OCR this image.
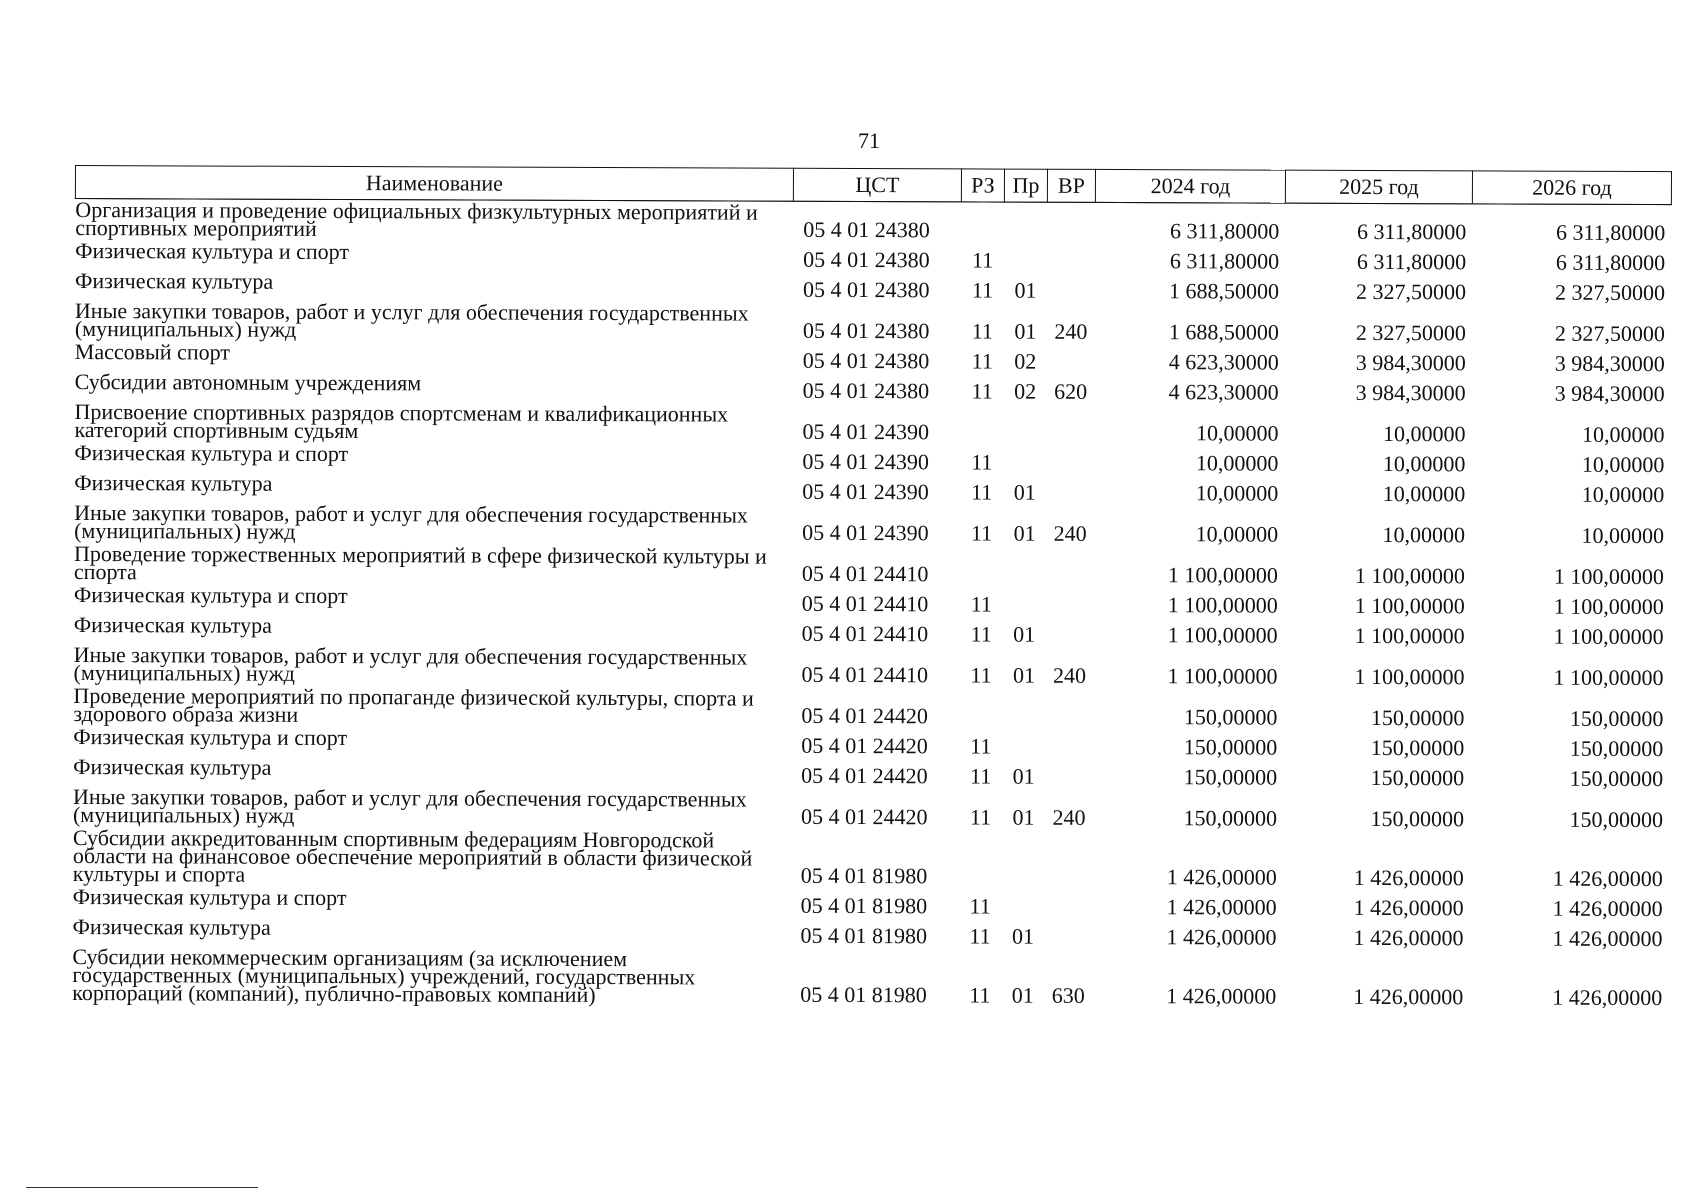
71
Наименование	ЦСТ	РЗ	Пр	ВР	2024 год	2025 год	2026 год
Организация и проведение официальных физкультурных мероприятий и спортивных мероприятий	05 4 01 24380				6 311,80000	6 311,80000	6 311,80000
Физическая культура и спорт	05 4 01 24380	11			6 311,80000	6 311,80000	6 311,80000
Физическая культура	05 4 01 24380	11	01		1 688,50000	2 327,50000	2 327,50000
Иные закупки товаров, работ и услуг для обеспечения государственных (муниципальных) нужд	05 4 01 24380	11	01	240	1 688,50000	2 327,50000	2 327,50000
Массовый спорт	05 4 01 24380	11	02		4 623,30000	3 984,30000	3 984,30000
Субсидии автономным учреждениям	05 4 01 24380	11	02	620	4 623,30000	3 984,30000	3 984,30000
Присвоение спортивных разрядов спортсменам и квалификационных категорий спортивным судьям	05 4 01 24390				10,00000	10,00000	10,00000
Физическая культура и спорт	05 4 01 24390	11			10,00000	10,00000	10,00000
Физическая культура	05 4 01 24390	11	01		10,00000	10,00000	10,00000
Иные закупки товаров, работ и услуг для обеспечения государственных (муниципальных) нужд	05 4 01 24390	11	01	240	10,00000	10,00000	10,00000
Проведение торжественных мероприятий в сфере физической культуры и спорта	05 4 01 24410				1 100,00000	1 100,00000	1 100,00000
Физическая культура и спорт	05 4 01 24410	11			1 100,00000	1 100,00000	1 100,00000
Физическая культура	05 4 01 24410	11	01		1 100,00000	1 100,00000	1 100,00000
Иные закупки товаров, работ и услуг для обеспечения государственных (муниципальных) нужд	05 4 01 24410	11	01	240	1 100,00000	1 100,00000	1 100,00000
Проведение мероприятий по пропаганде физической культуры, спорта и здорового образа жизни	05 4 01 24420				150,00000	150,00000	150,00000
Физическая культура и спорт	05 4 01 24420	11			150,00000	150,00000	150,00000
Физическая культура	05 4 01 24420	11	01		150,00000	150,00000	150,00000
Иные закупки товаров, работ и услуг для обеспечения государственных (муниципальных) нужд	05 4 01 24420	11	01	240	150,00000	150,00000	150,00000
Субсидии аккредитованным спортивным федерациям Новгородской области на финансовое обеспечение мероприятий в области физической культуры и спорта	05 4 01 81980				1 426,00000	1 426,00000	1 426,00000
Физическая культура и спорт	05 4 01 81980	11			1 426,00000	1 426,00000	1 426,00000
Физическая культура	05 4 01 81980	11	01		1 426,00000	1 426,00000	1 426,00000
Субсидии некоммерческим организациям (за исключением государственных (муниципальных) учреждений, государственных корпораций (компаний), публично-правовых компаний)	05 4 01 81980	11	01	630	1 426,00000	1 426,00000	1 426,00000
